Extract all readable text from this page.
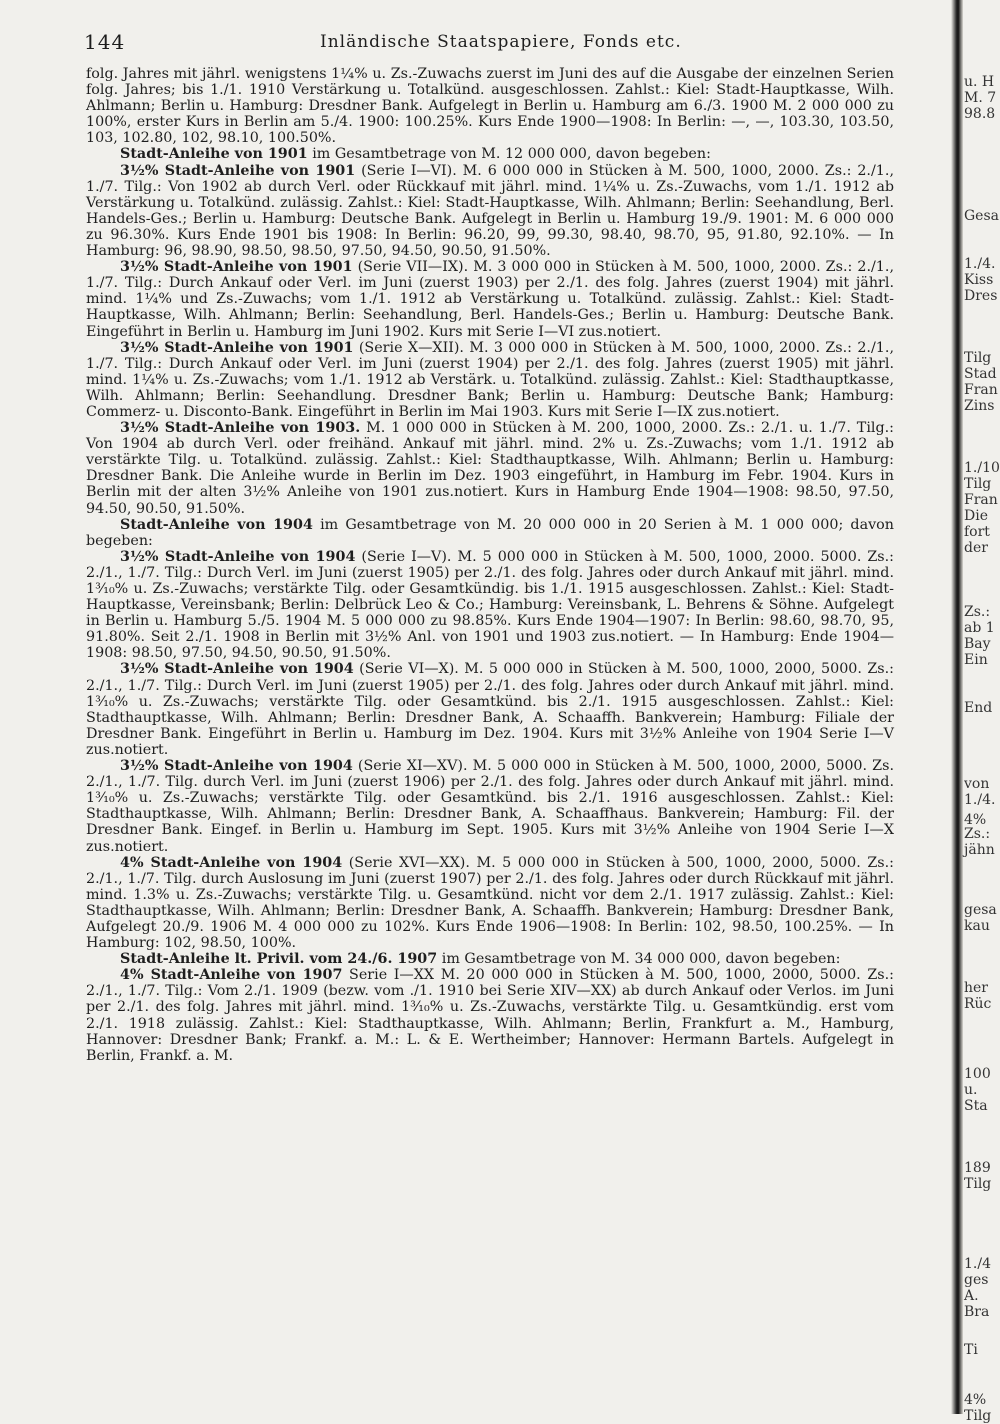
144	Inländische Staatspapiere, Fonds etc.

folg. Jahres mit jährl. wenigstens 1¼% u. Zs.-Zuwachs zuerst im Juni des auf die Ausgabe der einzelnen Serien folg. Jahres; bis 1./1. 1910 Verstärkung u. Totalkünd. ausgeschlossen. Zahlst.: Kiel: Stadt-Hauptkasse, Wilh. Ahlmann; Berlin u. Hamburg: Dresdner Bank. Aufgelegt in Berlin u. Hamburg am 6./3. 1900 M. 2 000 000 zu 100%, erster Kurs in Berlin am 5./4. 1900: 100.25%. Kurs Ende 1900—1908: In Berlin: —, —, 103.30, 103.50, 103, 102.80, 102, 98.10, 100.50%.

Stadt-Anleihe von 1901 im Gesamtbetrage von M. 12 000 000, davon begeben:

3½% Stadt-Anleihe von 1901 (Serie I—VI). M. 6 000 000 in Stücken à M. 500, 1000, 2000. Zs.: 2./1., 1./7. Tilg.: Von 1902 ab durch Verl. oder Rückkauf mit jährl. mind. 1¼% u. Zs.-Zuwachs, vom 1./1. 1912 ab Verstärkung u. Totalkünd. zulässig. Zahlst.: Kiel: Stadt-Hauptkasse, Wilh. Ahlmann; Berlin: Seehandlung, Berl. Handels-Ges.; Berlin u. Hamburg: Deutsche Bank. Aufgelegt in Berlin u. Hamburg 19./9. 1901: M. 6 000 000 zu 96.30%. Kurs Ende 1901 bis 1908: In Berlin: 96.20, 99, 99.30, 98.40, 98.70, 95, 91.80, 92.10%. — In Hamburg: 96, 98.90, 98.50, 98.50, 97.50, 94.50, 90.50, 91.50%.

3½% Stadt-Anleihe von 1901 (Serie VII—IX). M. 3 000 000 in Stücken à M. 500, 1000, 2000. Zs.: 2./1., 1./7. Tilg.: Durch Ankauf oder Verl. im Juni (zuerst 1903) per 2./1. des folg. Jahres (zuerst 1904) mit jährl. mind. 1¼% und Zs.-Zuwachs; vom 1./1. 1912 ab Verstärkung u. Totalkünd. zulässig. Zahlst.: Kiel: Stadt-Hauptkasse, Wilh. Ahlmann; Berlin: Seehandlung, Berl. Handels-Ges.; Berlin u. Hamburg: Deutsche Bank. Eingeführt in Berlin u. Hamburg im Juni 1902. Kurs mit Serie I—VI zus.notiert.

3½% Stadt-Anleihe von 1901 (Serie X—XII). M. 3 000 000 in Stücken à M. 500, 1000, 2000. Zs.: 2./1., 1./7. Tilg.: Durch Ankauf oder Verl. im Juni (zuerst 1904) per 2./1. des folg. Jahres (zuerst 1905) mit jährl. mind. 1¼% u. Zs.-Zuwachs; vom 1./1. 1912 ab Verstärk. u. Totalkünd. zulässig. Zahlst.: Kiel: Stadthauptkasse, Wilh. Ahlmann; Berlin: Seehandlung. Dresdner Bank; Berlin u. Hamburg: Deutsche Bank; Hamburg: Commerz- u. Disconto-Bank. Eingeführt in Berlin im Mai 1903. Kurs mit Serie I—IX zus.notiert.

3½% Stadt-Anleihe von 1903. M. 1 000 000 in Stücken à M. 200, 1000, 2000. Zs.: 2./1. u. 1./7. Tilg.: Von 1904 ab durch Verl. oder freihänd. Ankauf mit jährl. mind. 2% u. Zs.-Zuwachs; vom 1./1. 1912 ab verstärkte Tilg. u. Totalkünd. zulässig. Zahlst.: Kiel: Stadthauptkasse, Wilh. Ahlmann; Berlin u. Hamburg: Dresdner Bank. Die Anleihe wurde in Berlin im Dez. 1903 eingeführt, in Hamburg im Febr. 1904. Kurs in Berlin mit der alten 3½% Anleihe von 1901 zus.notiert. Kurs in Hamburg Ende 1904—1908: 98.50, 97.50, 94.50, 90.50, 91.50%.

Stadt-Anleihe von 1904 im Gesamtbetrage von M. 20 000 000 in 20 Serien à M. 1 000 000; davon begeben:

3½% Stadt-Anleihe von 1904 (Serie I—V). M. 5 000 000 in Stücken à M. 500, 1000, 2000. 5000. Zs.: 2./1., 1./7. Tilg.: Durch Verl. im Juni (zuerst 1905) per 2./1. des folg. Jahres oder durch Ankauf mit jährl. mind. 1³⁄₁₀% u. Zs.-Zuwachs; verstärkte Tilg. oder Gesamtkündig. bis 1./1. 1915 ausgeschlossen. Zahlst.: Kiel: Stadt-Hauptkasse, Vereinsbank; Berlin: Delbrück Leo & Co.; Hamburg: Vereinsbank, L. Behrens & Söhne. Aufgelegt in Berlin u. Hamburg 5./5. 1904 M. 5 000 000 zu 98.85%. Kurs Ende 1904—1907: In Berlin: 98.60, 98.70, 95, 91.80%. Seit 2./1. 1908 in Berlin mit 3½% Anl. von 1901 und 1903 zus.notiert. — In Hamburg: Ende 1904—1908: 98.50, 97.50, 94.50, 90.50, 91.50%.

3½% Stadt-Anleihe von 1904 (Serie VI—X). M. 5 000 000 in Stücken à M. 500, 1000, 2000, 5000. Zs.: 2./1., 1./7. Tilg.: Durch Verl. im Juni (zuerst 1905) per 2./1. des folg. Jahres oder durch Ankauf mit jährl. mind. 1³⁄₁₀% u. Zs.-Zuwachs; verstärkte Tilg. oder Gesamtkünd. bis 2./1. 1915 ausgeschlossen. Zahlst.: Kiel: Stadthauptkasse, Wilh. Ahlmann; Berlin: Dresdner Bank, A. Schaaffh. Bankverein; Hamburg: Filiale der Dresdner Bank. Eingeführt in Berlin u. Hamburg im Dez. 1904. Kurs mit 3½% Anleihe von 1904 Serie I—V zus.notiert.

3½% Stadt-Anleihe von 1904 (Serie XI—XV). M. 5 000 000 in Stücken à M. 500, 1000, 2000, 5000. Zs. 2./1., 1./7. Tilg. durch Verl. im Juni (zuerst 1906) per 2./1. des folg. Jahres oder durch Ankauf mit jährl. mind. 1³⁄₁₀% u. Zs.-Zuwachs; verstärkte Tilg. oder Gesamtkünd. bis 2./1. 1916 ausgeschlossen. Zahlst.: Kiel: Stadthauptkasse, Wilh. Ahlmann; Berlin: Dresdner Bank, A. Schaaffhaus. Bankverein; Hamburg: Fil. der Dresdner Bank. Eingef. in Berlin u. Hamburg im Sept. 1905. Kurs mit 3½% Anleihe von 1904 Serie I—X zus.notiert.

4% Stadt-Anleihe von 1904 (Serie XVI—XX). M. 5 000 000 in Stücken à 500, 1000, 2000, 5000. Zs.: 2./1., 1./7. Tilg. durch Auslosung im Juni (zuerst 1907) per 2./1. des folg. Jahres oder durch Rückkauf mit jährl. mind. 1.3% u. Zs.-Zuwachs; verstärkte Tilg. u. Gesamtkünd. nicht vor dem 2./1. 1917 zulässig. Zahlst.: Kiel: Stadthauptkasse, Wilh. Ahlmann; Berlin: Dresdner Bank, A. Schaaffh. Bankverein; Hamburg: Dresdner Bank, Aufgelegt 20./9. 1906 M. 4 000 000 zu 102%. Kurs Ende 1906—1908: In Berlin: 102, 98.50, 100.25%. — In Hamburg: 102, 98.50, 100%.

Stadt-Anleihe lt. Privil. vom 24./6. 1907 im Gesamtbetrage von M. 34 000 000, davon begeben:

4% Stadt-Anleihe von 1907 Serie I—XX M. 20 000 000 in Stücken à M. 500, 1000, 2000, 5000. Zs.: 2./1., 1./7. Tilg.: Vom 2./1. 1909 (bezw. vom ./1. 1910 bei Serie XIV—XX) ab durch Ankauf oder Verlos. im Juni per 2./1. des folg. Jahres mit jährl. mind. 1³⁄₁₀% u. Zs.-Zuwachs, verstärkte Tilg. u. Gesamtkündig. erst vom 2./1. 1918 zulässig. Zahlst.: Kiel: Stadthauptkasse, Wilh. Ahlmann; Berlin, Frankfurt a. M., Hamburg, Hannover: Dresdner Bank; Frankf. a. M.: L. & E. Wertheimber; Hannover: Hermann Bartels. Aufgelegt in Berlin, Frankf. a. M.

u. H
M. 7
98.8
Gesa
1./4.
Kiss
Dres
Tilg
Stad
Fran
Zins
1./10
Tilg
Fran
Die
fort
der
Zs.:
ab 1
Bay
Ein
End
von
1./4.
4%
Zs.:
jähn
gesa
kau
her
Rüc
100
u.
Sta
189
Tilg
1./4
ges
A.
Bra
Ti
4%
Tilg
